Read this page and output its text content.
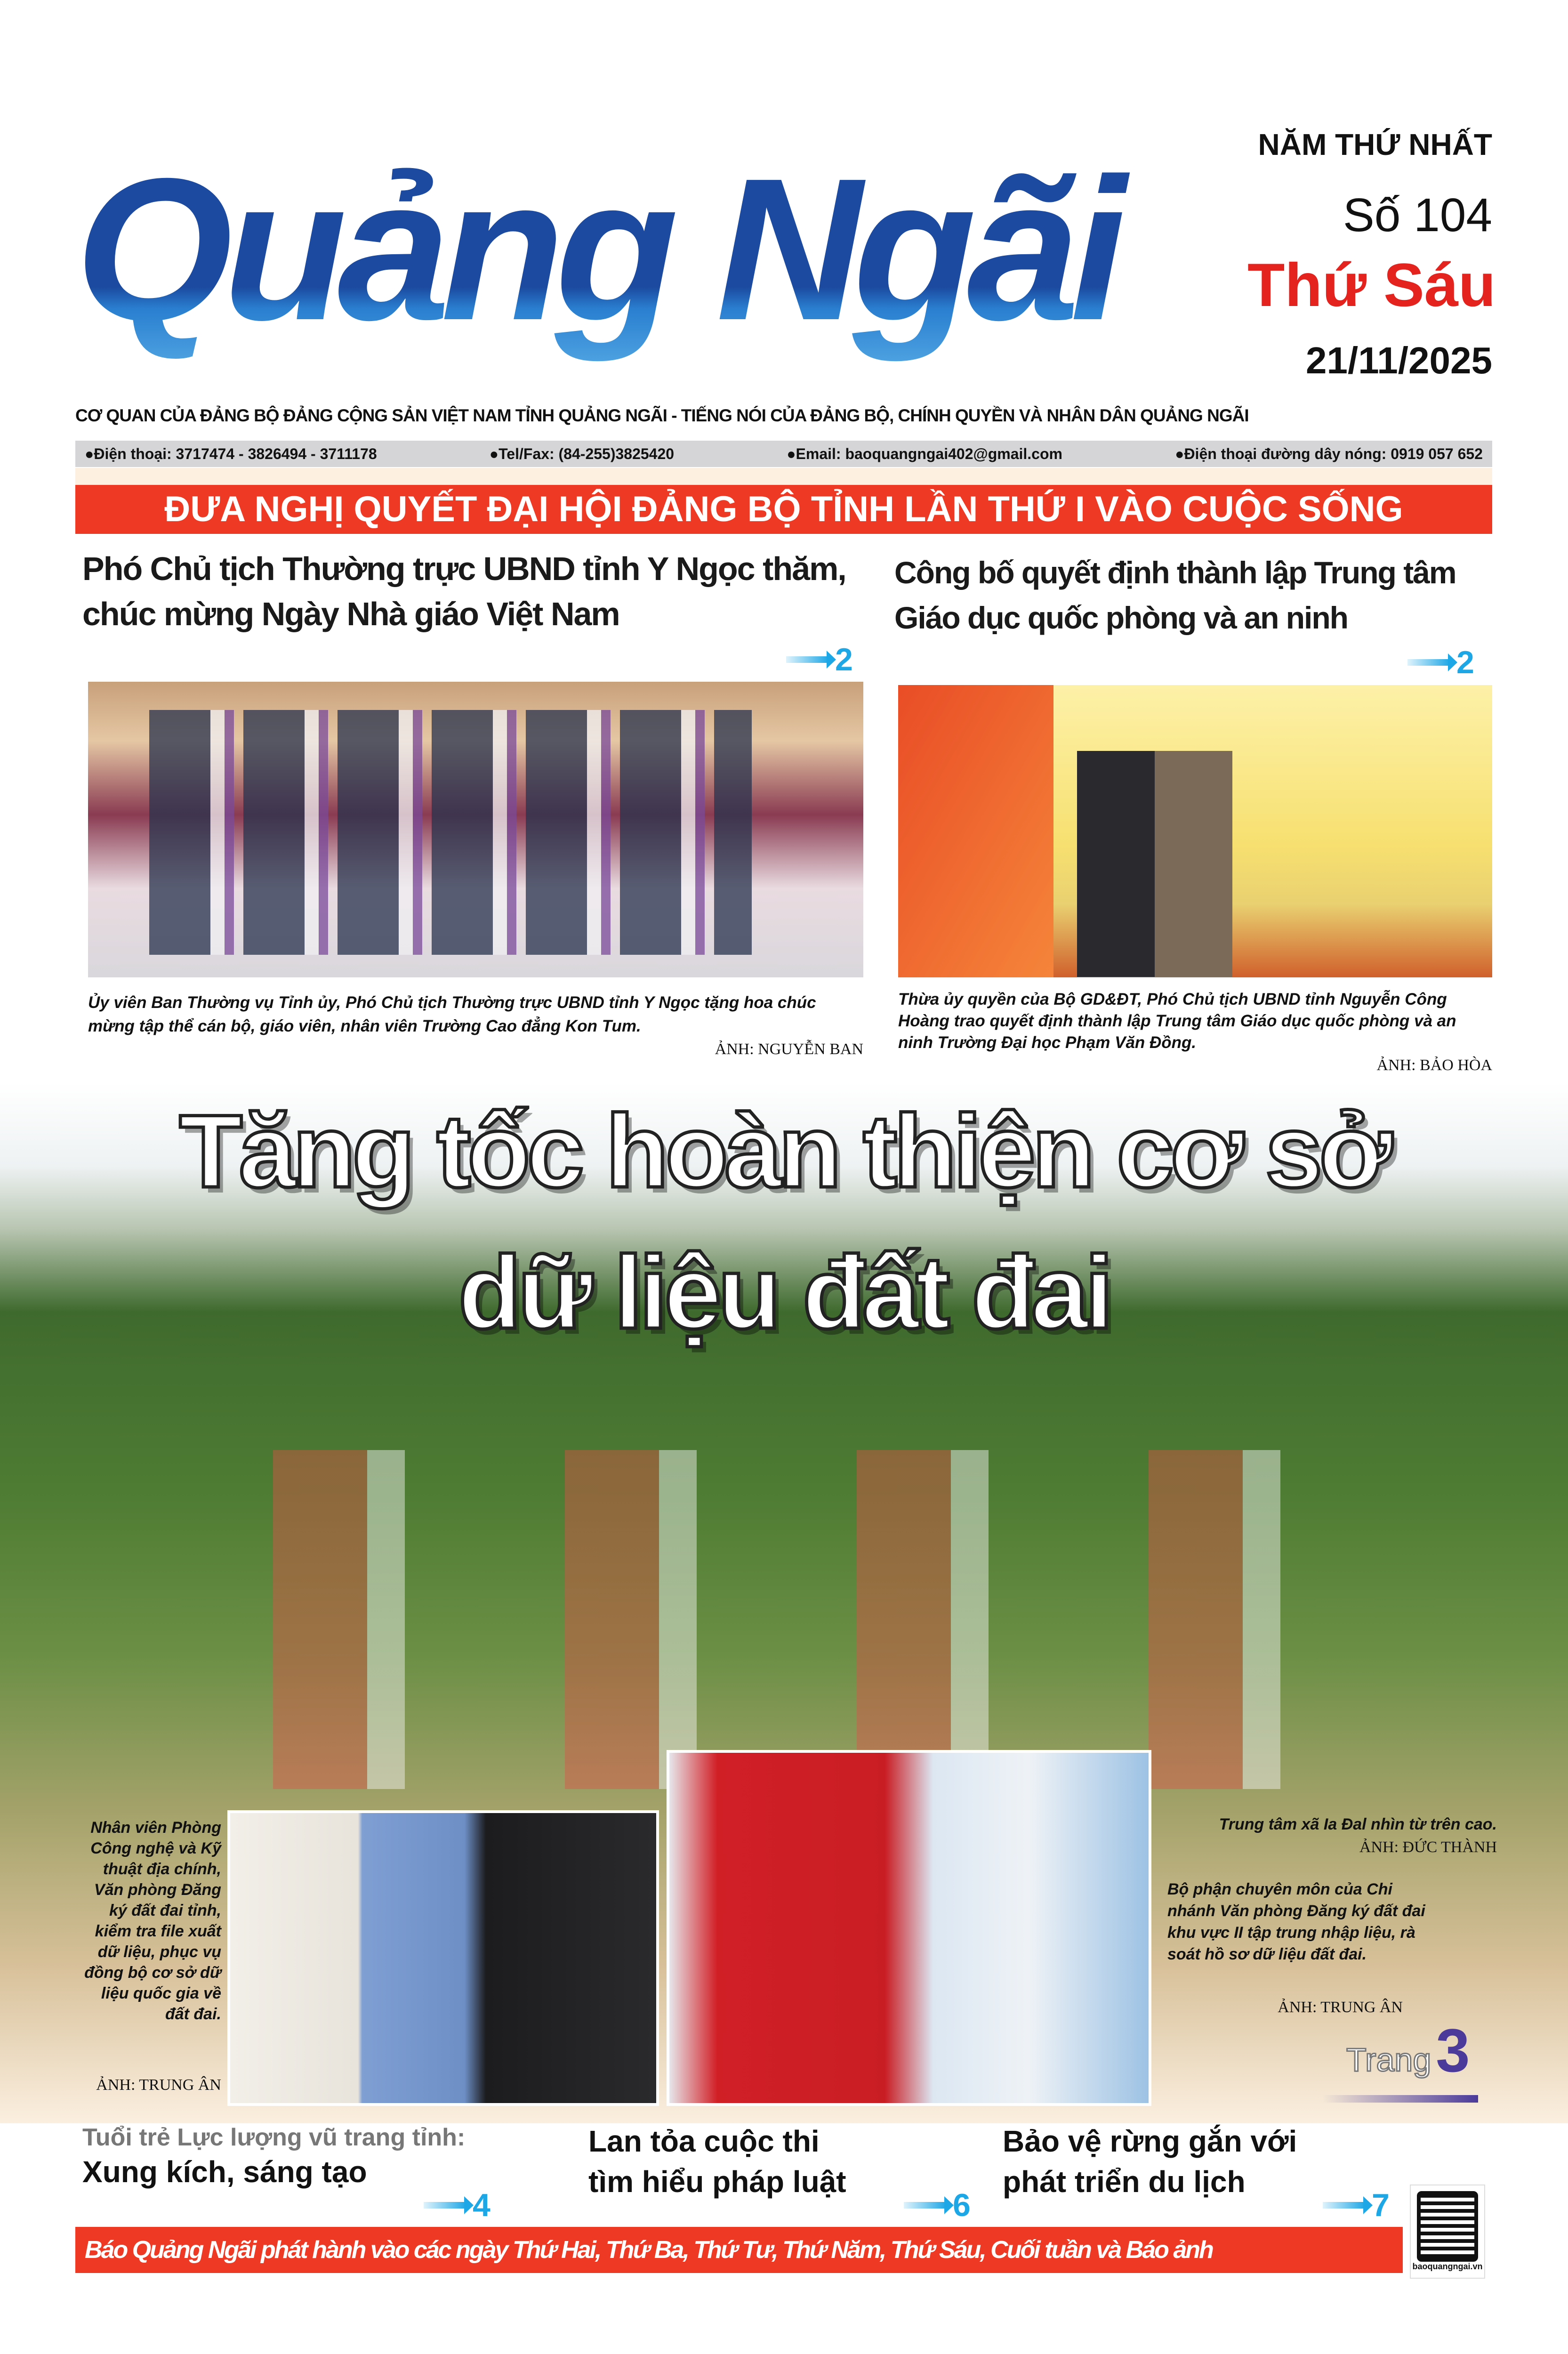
Quảng Ngãi	NĂM THỨ NHẤT
Số 104
Thứ Sáu
21/11/2025
CƠ QUAN CỦA ĐẢNG BỘ ĐẢNG CỘNG SẢN VIỆT NAM TỈNH QUẢNG NGÃI - TIẾNG NÓI CỦA ĐẢNG BỘ, CHÍNH QUYỀN VÀ NHÂN DÂN QUẢNG NGÃI
●Điện thoại: 3717474 - 3826494 - 3711178	●Tel/Fax: (84-255)3825420	●Email: baoquangngai402@gmail.com	●Điện thoại đường dây nóng: 0919 057 652
ĐƯA NGHỊ QUYẾT ĐẠI HỘI ĐẢNG BỘ TỈNH LẦN THỨ I VÀO CUỘC SỐNG
Phó Chủ tịch Thường trực UBND tỉnh Y Ngọc thăm, chúc mừng Ngày Nhà giáo Việt Nam
2
Ủy viên Ban Thường vụ Tỉnh ủy, Phó Chủ tịch Thường trực UBND tỉnh Y Ngọc tặng hoa chúc mừng tập thể cán bộ, giáo viên, nhân viên Trường Cao đẳng Kon Tum.
ẢNH: NGUYỄN BAN
Công bố quyết định thành lập Trung tâm Giáo dục quốc phòng và an ninh
2
Thừa ủy quyền của Bộ GD&ĐT, Phó Chủ tịch UBND tỉnh Nguyễn Công Hoàng trao quyết định thành lập Trung tâm Giáo dục quốc phòng và an ninh Trường Đại học Phạm Văn Đồng.
ẢNH: BẢO HÒA
Tăng tốc hoàn thiện cơ sở
dữ liệu đất đai
Nhân viên Phòng Công nghệ và Kỹ thuật địa chính, Văn phòng Đăng ký đất đai tỉnh, kiểm tra file xuất dữ liệu, phục vụ đồng bộ cơ sở dữ liệu quốc gia về đất đai.
ẢNH: TRUNG ÂN
Trung tâm xã Ia Đal nhìn từ trên cao.
ẢNH: ĐỨC THÀNH
Bộ phận chuyên môn của Chi nhánh Văn phòng Đăng ký đất đai khu vực II tập trung nhập liệu, rà soát hồ sơ dữ liệu đất đai.
ẢNH: TRUNG ÂN
Trang 3
Tuổi trẻ Lực lượng vũ trang tỉnh:
Xung kích, sáng tạo
4
Lan tỏa cuộc thi
tìm hiểu pháp luật
6
Bảo vệ rừng gắn với
phát triển du lịch
7
Báo Quảng Ngãi phát hành vào các ngày Thứ Hai, Thứ Ba, Thứ Tư, Thứ Năm, Thứ Sáu, Cuối tuần và Báo ảnh
baoquangngai.vn
